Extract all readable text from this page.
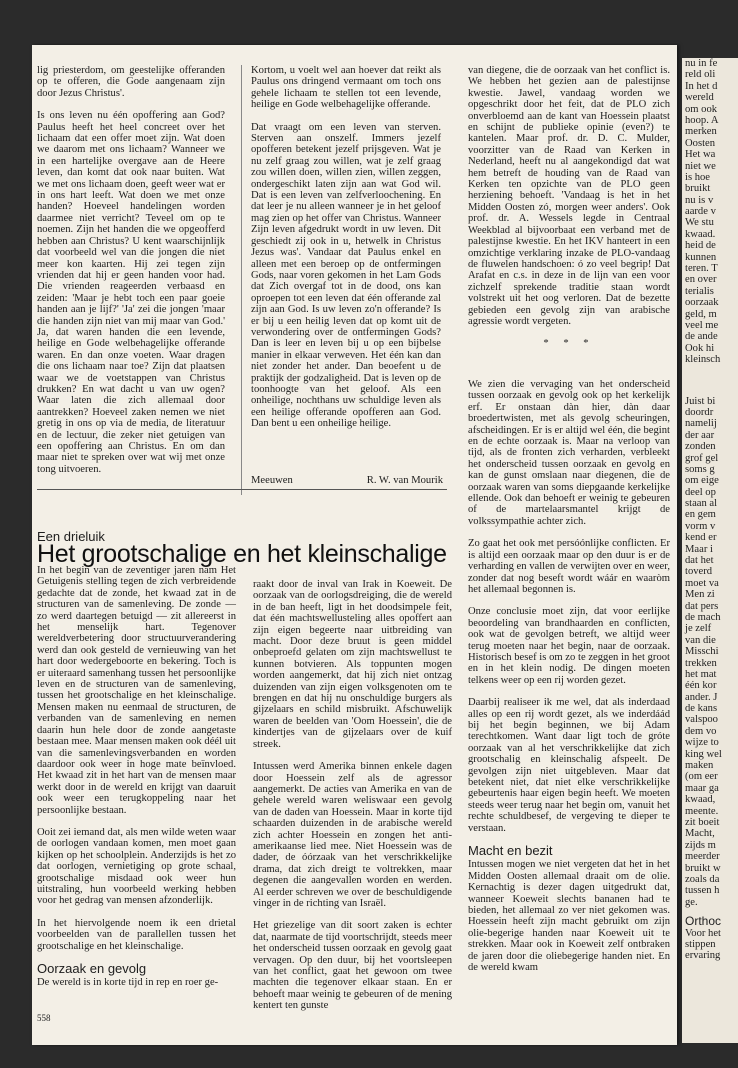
lig priesterdom, om geestelijke offeranden op te offeren, die Gode aangenaam zijn door Jezus Christus'.

Is ons leven nu één opoffering aan God? Paulus heeft het heel concreet over het lichaam dat een offer moet zijn. Wat doen we daarom met ons lichaam? Wanneer we in een hartelijke overgave aan de Heere leven, dan komt dat ook naar buiten. Wat we met ons lichaam doen, geeft weer wat er in ons hart leeft. Wat doen we met onze handen? Hoeveel handelingen worden daarmee niet verricht? Teveel om op te noemen. Zijn het handen die we opgeofferd hebben aan Christus? U kent waarschijnlijk dat voorbeeld wel van die jongen die niet meer kon kaarten. Hij zei tegen zijn vrienden dat hij er geen handen voor had. Die vrienden reageerden verbaasd en zeiden: 'Maar je hebt toch een paar goeie handen aan je lijf?' 'Ja' zei die jongen 'maar die handen zijn niet van mij maar van God.' Ja, dat waren handen die een levende, heilige en Gode welbehagelijke offerande waren. En dan onze voeten. Waar dragen die ons lichaam naar toe? Zijn dat plaatsen waar we de voetstappen van Christus drukken? En wat dacht u van uw ogen? Waar laten die zich allemaal door aantrekken? Hoeveel zaken nemen we niet gretig in ons op via de media, de literatuur en de lectuur, die zeker niet getuigen van een opoffering aan Christus. En om dan maar niet te spreken over wat wij met onze tong uitvoeren.

Kortom, u voelt wel aan hoever dat reikt als Paulus ons dringend vermaant om toch ons gehele lichaam te stellen tot een levende, heilige en Gode welbehagelijke offerande.

Dat vraagt om een leven van sterven. Sterven aan onszelf. Immers jezelf opofferen betekent jezelf prijsgeven. Wat je nu zelf graag zou willen, wat je zelf graag zou willen doen, willen zien, willen zeggen, ondergeschikt laten zijn aan wat God wil. Dat is een leven van zelfverloochening. En dat leer je nu alleen wanneer je in het geloof mag zien op het offer van Christus. Wanneer Zijn leven afgedrukt wordt in uw leven. Dit geschiedt zij ook in u, hetwelk in Christus Jezus was'. Vandaar dat Paulus enkel en alleen met een beroep op de ontfermingen Gods, naar voren gekomen in het Lam Gods dat Zich overgaf tot in de dood, ons kan oproepen tot een leven dat één offerande zal zijn aan God. Is uw leven zo'n offerande? Is er bij u een heilig leven dat op komt uit de verwondering over de ontfermingen Gods? Dan is leer en leven bij u op een bijbelse manier in elkaar verweven. Het één kan dan niet zonder het ander. Dan beoefent u de praktijk der godzaligheid. Dat is leven op de toonhoogte van het geloof. Als een onheilige, nochthans uw schuldige leven als een heilige offerande opofferen aan God. Dan bent u een onheilige heilige.

Meeuwen	R. W. van Mourik

van diegene, die de oorzaak van het conflict is. We hebben het gezien aan de palestijnse kwestie. Jawel, vandaag worden we opgeschrikt door het feit, dat de PLO zich onverbloemd aan de kant van Hoessein plaatst en schijnt de publieke opinie (even?) te kantelen. Maar prof. dr. D. C. Mulder, voorzitter van de Raad van Kerken in Nederland, heeft nu al aangekondigd dat wat hem betreft de houding van de Raad van Kerken ten opzichte van de PLO geen herziening behoeft. 'Vandaag is het in het Midden Oosten zó, morgen weer anders'. Ook prof. dr. A. Wessels legde in Centraal Weekblad al bijvoorbaat een verband met de palestijnse kwestie. En het IKV hanteert in een omzichtige verklaring inzake de PLO-vandaag de fluwelen handschoen: ó zo veel begrip! Dat Arafat en c.s. in deze in de lijn van een voor zichzelf sprekende traditie staan wordt volstrekt uit het oog verloren. Dat de bezette gebieden een gevolg zijn van arabische agressie wordt vergeten.

* * *
Een drieluik
Het grootschalige en het kleinschalige

In het begin van de zeventiger jaren nam Het Getuigenis stelling tegen de zich verbreidende gedachte dat de zonde, het kwaad zat in de structuren van de samenleving. De zonde — zo werd daartegen betuigd — zit allereerst in het menselijk hart. Tegenover wereldverbetering door structuurverandering werd dan ook gesteld de vernieuwing van het hart door wedergeboorte en bekering. Toch is er uiteraard samenhang tussen het persoonlijke leven en de structuren van de samenleving, tussen het grootschalige en het kleinschalige. Mensen maken nu eenmaal de structuren, de verbanden van de samenleving en nemen daarin hun hele door de zonde aangetaste bestaan mee. Maar mensen maken ook déél uit van die samenlevingsverbanden en worden daardoor ook weer in hoge mate beïnvloed. Het kwaad zit in het hart van de mensen maar werkt door in de wereld en krijgt van daaruit ook weer een terugkoppeling naar het persoonlijke bestaan.

Ooit zei iemand dat, als men wilde weten waar de oorlogen vandaan komen, men moet gaan kijken op het schoolplein. Anderzijds is het zo dat oorlogen, vernietiging op grote schaal, grootschalige misdaad ook weer hun uitstraling, hun voorbeeld werking hebben voor het gedrag van mensen afzonderlijk.

In het hiervolgende noem ik een drietal voorbeelden van de parallellen tussen het grootschalige en het kleinschalige.

Oorzaak en gevolg
De wereld is in korte tijd in rep en roer ge-

raakt door de inval van Irak in Koeweit. De oorzaak van de oorlogsdreiging, die de wereld in de ban heeft, ligt in het doodsimpele feit, dat één machtswellusteling alles opoffert aan zijn eigen begeerte naar uitbreiding van macht. Door deze bruut is geen middel onbeproefd gelaten om zijn machtswellust te kunnen botvieren. Als toppunten mogen worden aangemerkt, dat hij zich niet ontzag duizenden van zijn eigen volksgenoten om te brengen en dat hij nu onschuldige burgers als gijzelaars en schild misbruikt. Afschuwelijk waren de beelden van 'Oom Hoessein', die de kindertjes van de gijzelaars over de kuif streek.

Intussen werd Amerika binnen enkele dagen door Hoessein zelf als de agressor aangemerkt. De acties van Amerika en van de gehele wereld waren weliswaar een gevolg van de daden van Hoessein. Maar in korte tijd schaarden duizenden in de arabische wereld zich achter Hoessein en zongen het anti-amerikaanse lied mee. Niet Hoessein was de dader, de óórzaak van het verschrikkelijke drama, dat zich dreigt te voltrekken, maar degenen die aangevallen worden en werden. Al eerder schreven we over de beschuldigende vinger in de richting van Israël.

Het griezelige van dit soort zaken is echter dat, naarmate de tijd voortschrijdt, steeds meer het onderscheid tussen oorzaak en gevolg gaat vervagen. Op den duur, bij het voortsleepen van het conflict, gaat het gewoon om twee machten die tegenover elkaar staan. En er behoeft maar weinig te gebeuren of de mening kentert ten gunste

We zien die vervaging van het onderscheid tussen oorzaak en gevolg ook op het kerkelijk erf. Er onstaan dàn hier, dàn daar broedertwisten, met als gevolg scheuringen, afscheidingen. Er is er altijd wel één, die begint en de echte oorzaak is. Maar na verloop van tijd, als de fronten zich verharden, verbleekt het onderscheid tussen oorzaak en gevolg en kan de gunst omslaan naar diegenen, die de oorzaak waren van soms diepgaande kerkelijke ellende. Ook dan behoeft er weinig te gebeuren of de martelaarsmantel krijgt de volkssympathie achter zich.

Zo gaat het ook met persóónlijke conflicten. Er is altijd een oorzaak maar op den duur is er de verharding en vallen de verwijten over en weer, zonder dat nog beseft wordt wáár en waaròm het allemaal begonnen is.

Onze conclusie moet zijn, dat voor eerlijke beoordeling van brandhaarden en conflicten, ook wat de gevolgen betreft, we altijd weer terug moeten naar het begin, naar de oorzaak. Historisch besef is om zo te zeggen in het groot en in het klein nodig. De dingen moeten telkens weer op een rij worden gezet.

Daarbij realiseer ik me wel, dat als inderdaad alles op een rij wordt gezet, als we inderdáád bij het begin beginnen, we bij Adam terechtkomen. Want daar ligt toch de gróte oorzaak van al het verschrikkelijke dat zich grootschalig en kleinschalig afspeelt. De gevolgen zijn niet uitgebleven. Maar dat betekent niet, dat niet elke verschrikkelijke gebeurtenis haar eigen begin heeft. We moeten steeds weer terug naar het begin om, vanuit het rechte schuldbesef, de vergeving te dieper te verstaan.

Macht en bezit
Intussen mogen we niet vergeten dat het in het Midden Oosten allemaal draait om de olie. Kernachtig is dezer dagen uitgedrukt dat, wanneer Koeweit slechts bananen had te bieden, het allemaal zo ver niet gekomen was. Hoessein heeft zijn macht gebruikt om zijn olie-begerige handen naar Koeweit uit te strekken. Maar ook in Koeweit zelf ontbraken de jaren door die oliebegerige handen niet. En de wereld kwam
558
nu in fe
reld oli
In het d
wereld
om ook
hoop. A
merken
Oosten
Het wa
niet we
is hoe
bruikt
nu is v
aarde v
We stu
kwaad.
heid de
kunnen
teren. T
en over
terialis
oorzaak
geld, m
veel me
de ande
Ook hi
kleinsch
Juist bi
doordr
namelij
der aar
zonden
grof gel
soms g
om eige
deel op
staan al
en gem
vorm v
kend er
Maar i
dat het
toverd
moet va
Men zi
dat pers
de mach
je zelf
van die
Misschi
trekken
het mat
één kor
ander. J
de kans
valspoo
dem vo
wijze to
king wel
maken
(om eer
maar ga
kwaad,
meente.
zit boeit
Macht,
zijds m
meerder
bruikt w
zoals da
tussen h
ge.
Orthoc
Voor het
stippen
ervaring
